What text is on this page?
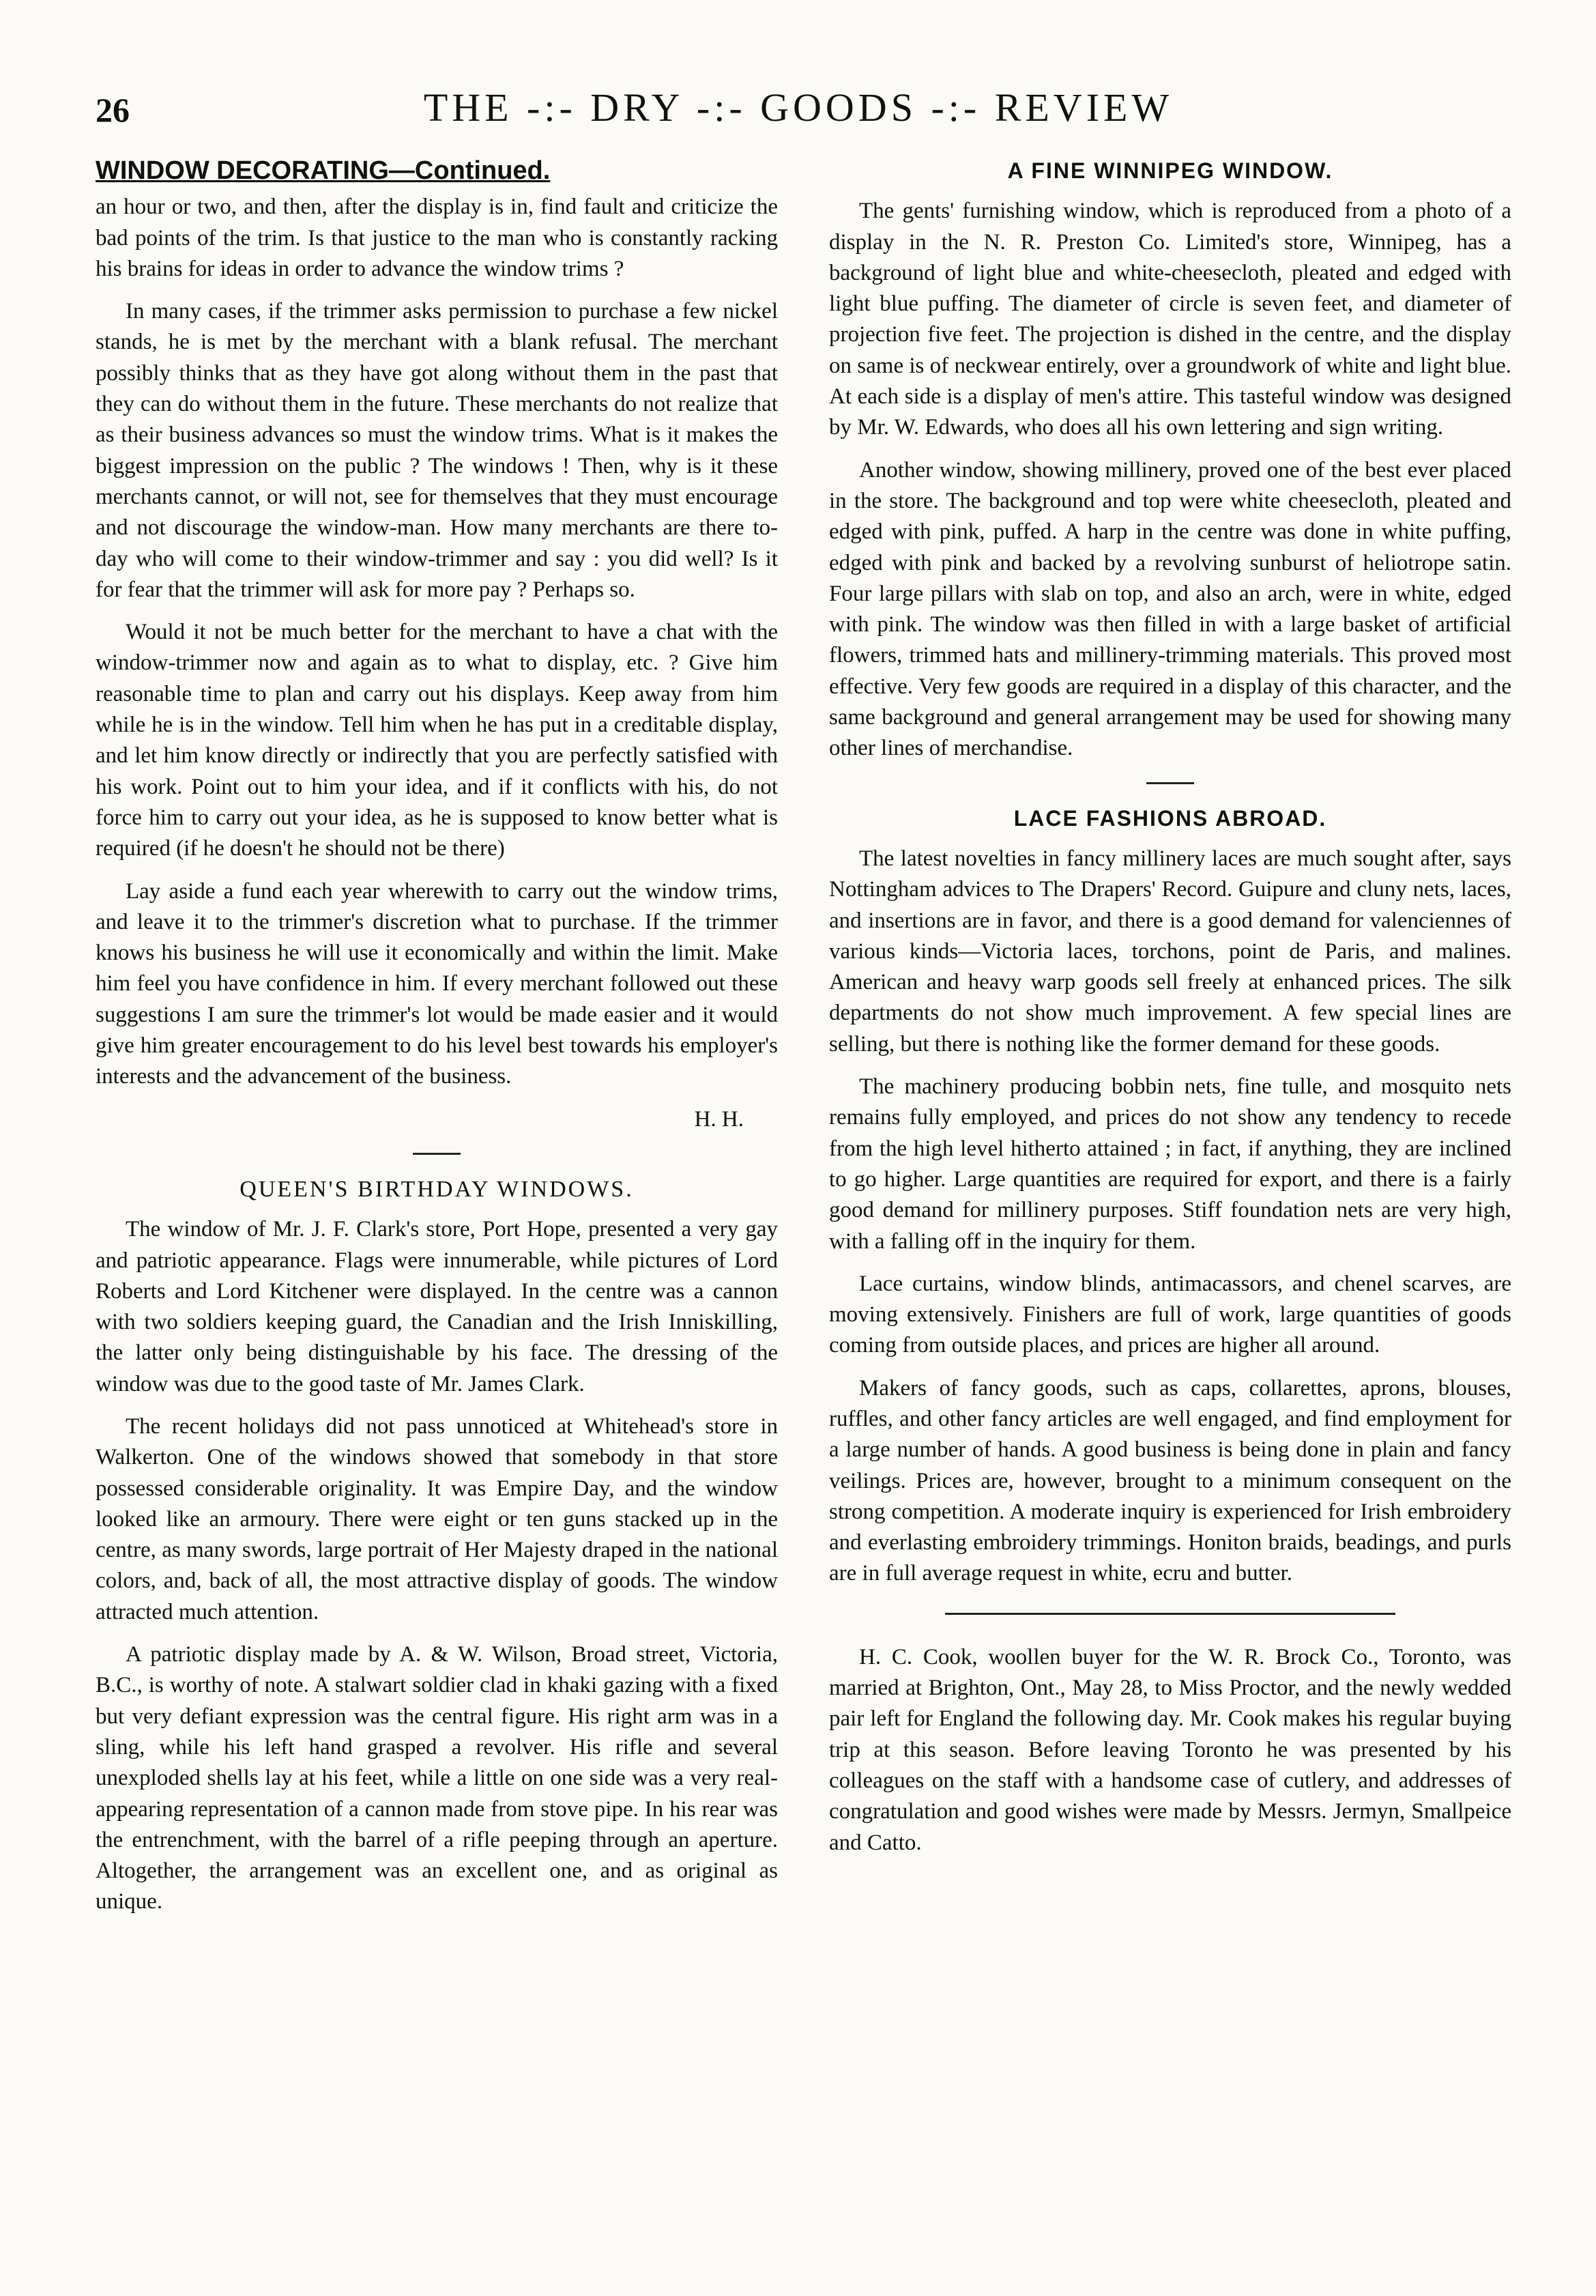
26	THE -:- DRY -:- GOODS -:- REVIEW
WINDOW DECORATING—Continued.

an hour or two, and then, after the display is in, find fault and criticize the bad points of the trim. Is that justice to the man who is constantly racking his brains for ideas in order to advance the window trims ?

In many cases, if the trimmer asks permission to purchase a few nickel stands, he is met by the merchant with a blank refusal. The merchant possibly thinks that as they have got along without them in the past that they can do without them in the future. These merchants do not realize that as their business advances so must the window trims. What is it makes the biggest impression on the public ? The windows ! Then, why is it these merchants cannot, or will not, see for themselves that they must encourage and not discourage the window-man. How many merchants are there to-day who will come to their window-trimmer and say : you did well? Is it for fear that the trimmer will ask for more pay ? Perhaps so.

Would it not be much better for the merchant to have a chat with the window-trimmer now and again as to what to display, etc. ? Give him reasonable time to plan and carry out his displays. Keep away from him while he is in the window. Tell him when he has put in a creditable display, and let him know directly or indirectly that you are perfectly satisfied with his work. Point out to him your idea, and if it conflicts with his, do not force him to carry out your idea, as he is supposed to know better what is required (if he doesn't he should not be there)

Lay aside a fund each year wherewith to carry out the window trims, and leave it to the trimmer's discretion what to purchase. If the trimmer knows his business he will use it economically and within the limit. Make him feel you have confidence in him. If every merchant followed out these suggestions I am sure the trimmer's lot would be made easier and it would give him greater encouragement to do his level best towards his employer's interests and the advancement of the business.

H. H.
QUEEN'S BIRTHDAY WINDOWS.

The window of Mr. J. F. Clark's store, Port Hope, presented a very gay and patriotic appearance. Flags were innumerable, while pictures of Lord Roberts and Lord Kitchener were displayed. In the centre was a cannon with two soldiers keeping guard, the Canadian and the Irish Inniskilling, the latter only being distinguishable by his face. The dressing of the window was due to the good taste of Mr. James Clark.

The recent holidays did not pass unnoticed at Whitehead's store in Walkerton. One of the windows showed that somebody in that store possessed considerable originality. It was Empire Day, and the window looked like an armoury. There were eight or ten guns stacked up in the centre, as many swords, large portrait of Her Majesty draped in the national colors, and, back of all, the most attractive display of goods. The window attracted much attention.

A patriotic display made by A. & W. Wilson, Broad street, Victoria, B.C., is worthy of note. A stalwart soldier clad in khaki gazing with a fixed but very defiant expression was the central figure. His right arm was in a sling, while his left hand grasped a revolver. His rifle and several unexploded shells lay at his feet, while a little on one side was a very real-appearing representation of a cannon made from stove pipe. In his rear was the entrenchment, with the barrel of a rifle peeping through an aperture. Altogether, the arrangement was an excellent one, and as original as unique.

A FINE WINNIPEG WINDOW.

The gents' furnishing window, which is reproduced from a photo of a display in the N. R. Preston Co. Limited's store, Winnipeg, has a background of light blue and white-cheesecloth, pleated and edged with light blue puffing. The diameter of circle is seven feet, and diameter of projection five feet. The projection is dished in the centre, and the display on same is of neckwear entirely, over a groundwork of white and light blue. At each side is a display of men's attire. This tasteful window was designed by Mr. W. Edwards, who does all his own lettering and sign writing.

Another window, showing millinery, proved one of the best ever placed in the store. The background and top were white cheesecloth, pleated and edged with pink, puffed. A harp in the centre was done in white puffing, edged with pink and backed by a revolving sunburst of heliotrope satin. Four large pillars with slab on top, and also an arch, were in white, edged with pink. The window was then filled in with a large basket of artificial flowers, trimmed hats and millinery-trimming materials. This proved most effective. Very few goods are required in a display of this character, and the same background and general arrangement may be used for showing many other lines of merchandise.

LACE FASHIONS ABROAD.

The latest novelties in fancy millinery laces are much sought after, says Nottingham advices to The Drapers' Record. Guipure and cluny nets, laces, and insertions are in favor, and there is a good demand for valenciennes of various kinds—Victoria laces, torchons, point de Paris, and malines. American and heavy warp goods sell freely at enhanced prices. The silk departments do not show much improvement. A few special lines are selling, but there is nothing like the former demand for these goods.

The machinery producing bobbin nets, fine tulle, and mosquito nets remains fully employed, and prices do not show any tendency to recede from the high level hitherto attained ; in fact, if anything, they are inclined to go higher. Large quantities are required for export, and there is a fairly good demand for millinery purposes. Stiff foundation nets are very high, with a falling off in the inquiry for them.

Lace curtains, window blinds, antimacassors, and chenel scarves, are moving extensively. Finishers are full of work, large quantities of goods coming from outside places, and prices are higher all around.

Makers of fancy goods, such as caps, collarettes, aprons, blouses, ruffles, and other fancy articles are well engaged, and find employment for a large number of hands. A good business is being done in plain and fancy veilings. Prices are, however, brought to a minimum consequent on the strong competition. A moderate inquiry is experienced for Irish embroidery and everlasting embroidery trimmings. Honiton braids, beadings, and purls are in full average request in white, ecru and butter.

H. C. Cook, woollen buyer for the W. R. Brock Co., Toronto, was married at Brighton, Ont., May 28, to Miss Proctor, and the newly wedded pair left for England the following day. Mr. Cook makes his regular buying trip at this season. Before leaving Toronto he was presented by his colleagues on the staff with a handsome case of cutlery, and addresses of congratulation and good wishes were made by Messrs. Jermyn, Smallpeice and Catto.
